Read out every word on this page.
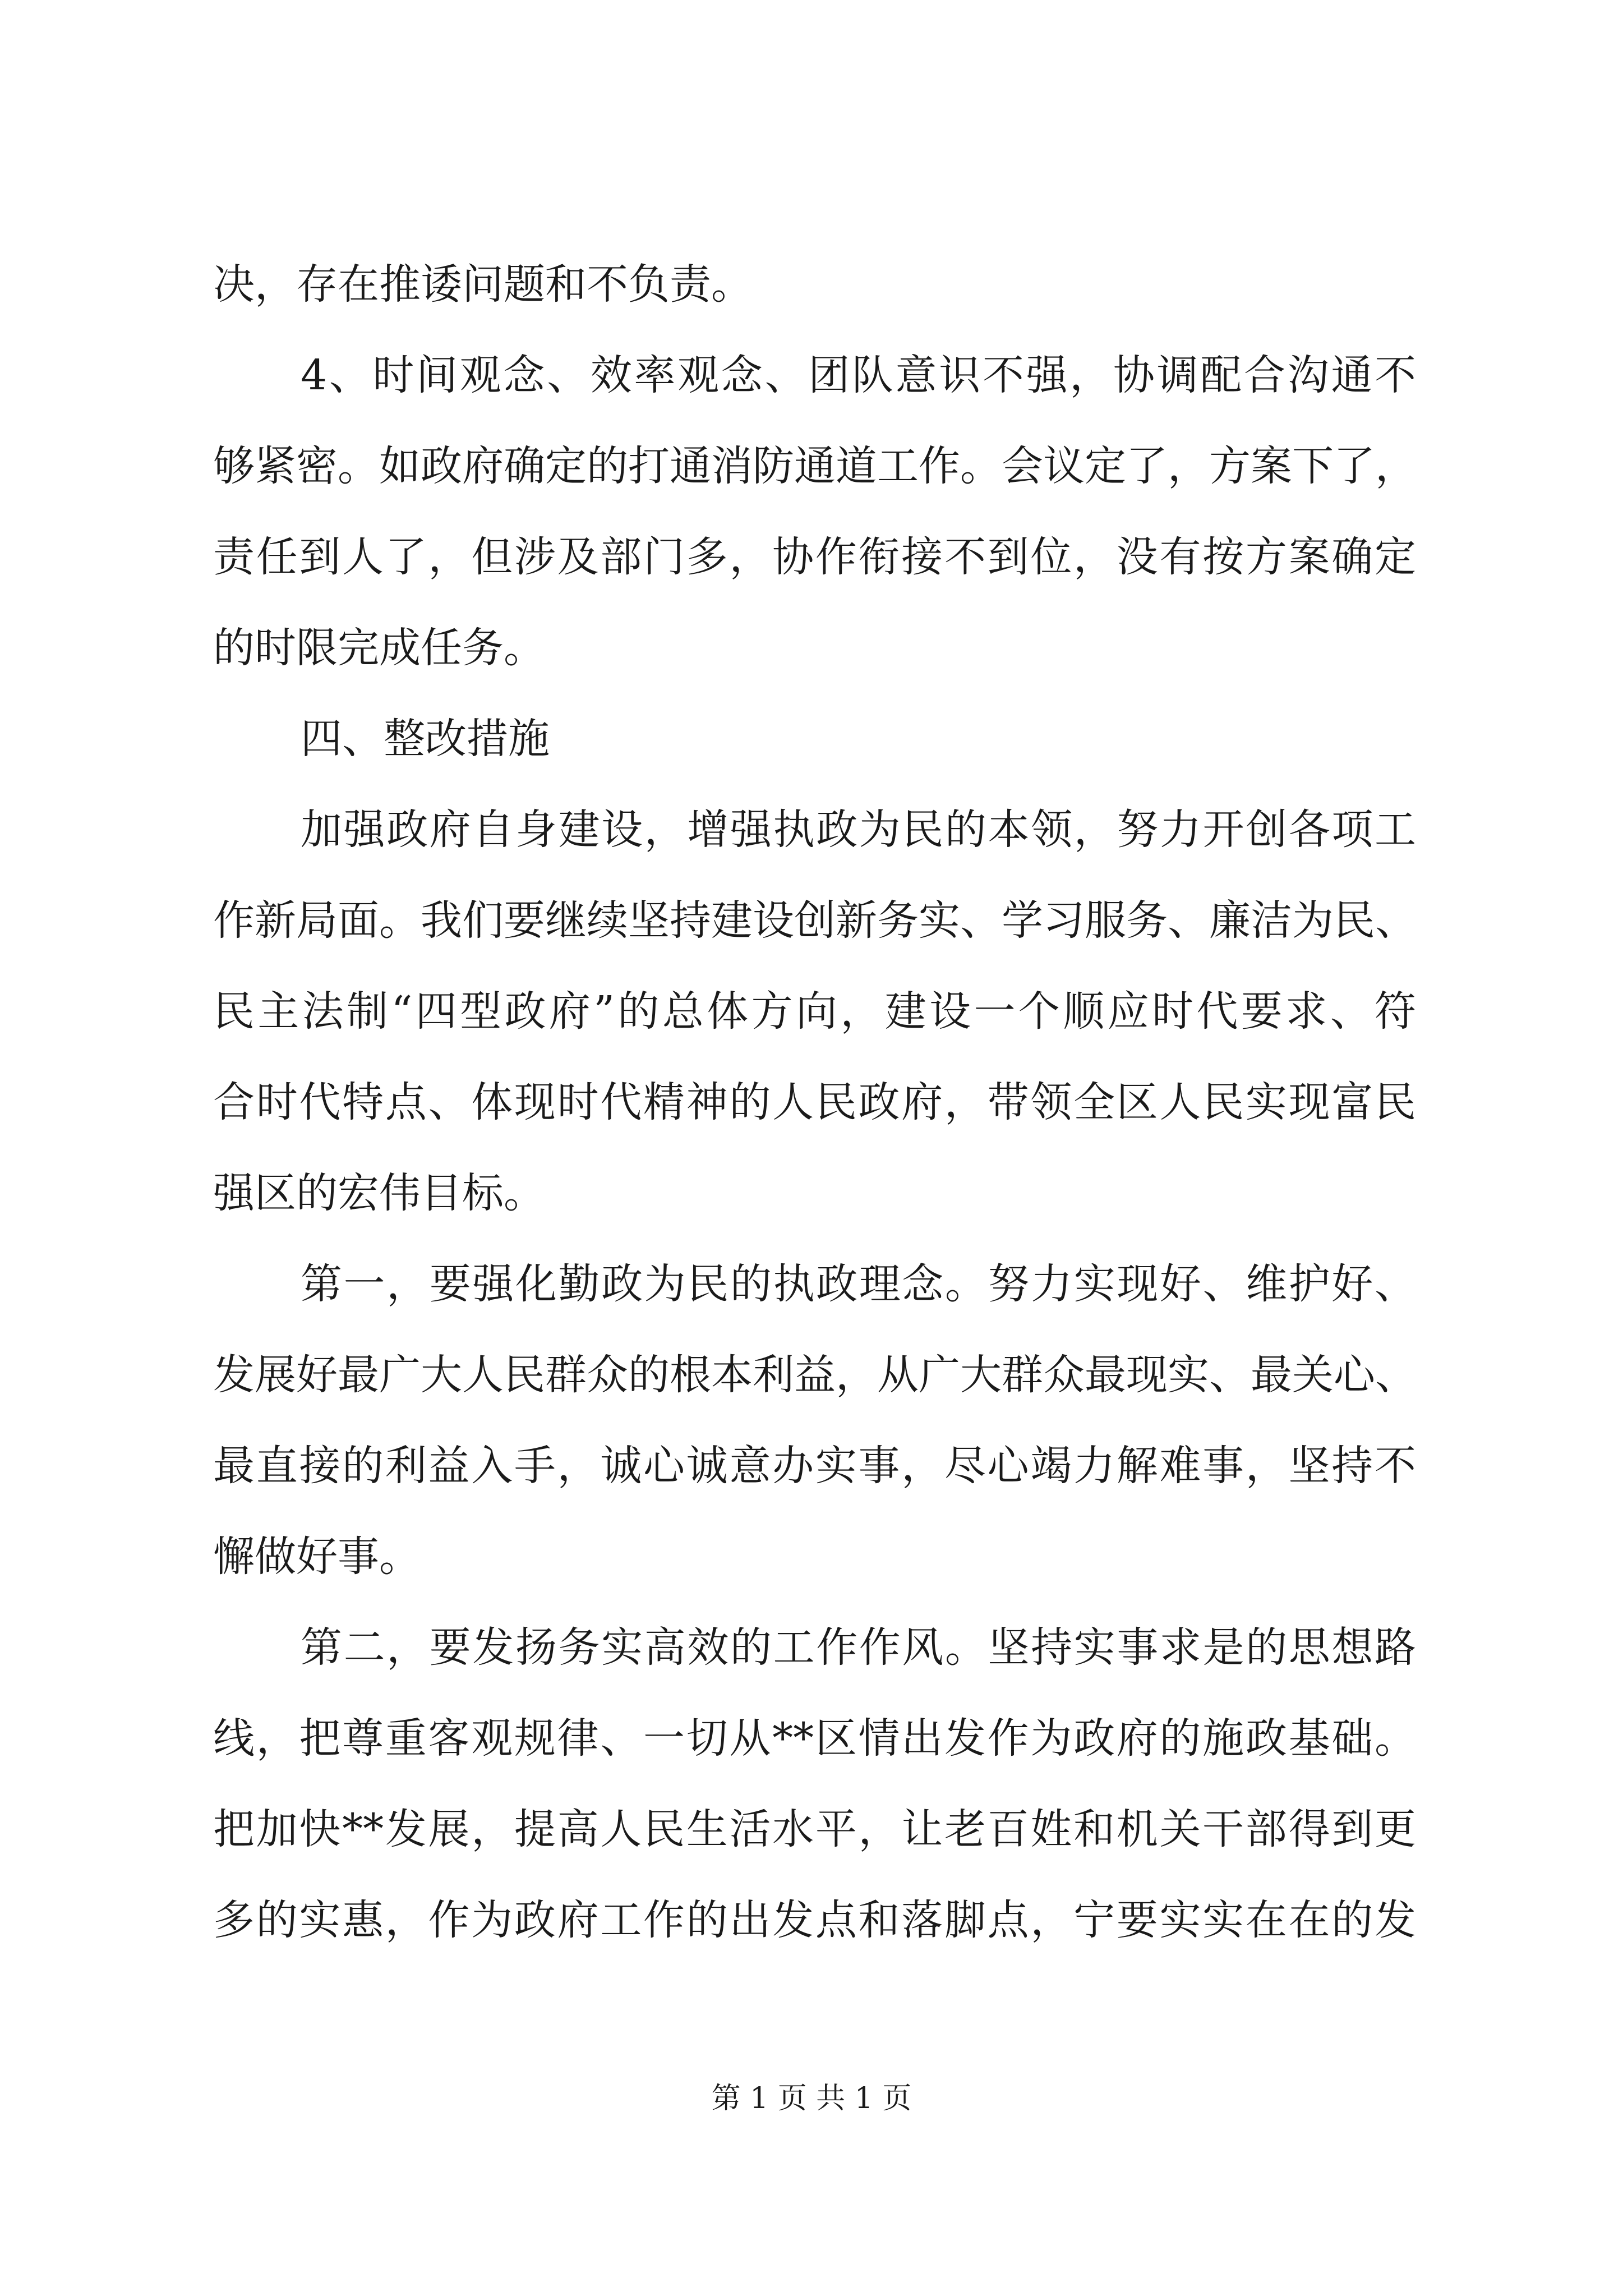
决，存在推诿问题和不负责。
4、时间观念、效率观念、团队意识不强，协调配合沟通不
够紧密。如政府确定的打通消防通道工作。会议定了，方案下了，
责任到人了，但涉及部门多，协作衔接不到位，没有按方案确定
的时限完成任务。
四、整改措施
加强政府自身建设，增强执政为民的本领，努力开创各项工
作新局面。我们要继续坚持建设创新务实、学习服务、廉洁为民、
民主法制“四型政府”的总体方向，建设一个顺应时代要求、符
合时代特点、体现时代精神的人民政府，带领全区人民实现富民
强区的宏伟目标。
第一，要强化勤政为民的执政理念。努力实现好、维护好、
发展好最广大人民群众的根本利益，从广大群众最现实、最关心、
最直接的利益入手，诚心诚意办实事，尽心竭力解难事，坚持不
懈做好事。
第二，要发扬务实高效的工作作风。坚持实事求是的思想路
线，把尊重客观规律、一切从**区情出发作为政府的施政基础。
把加快**发展，提高人民生活水平，让老百姓和机关干部得到更
多的实惠，作为政府工作的出发点和落脚点，宁要实实在在的发
第 1 页 共 1 页
